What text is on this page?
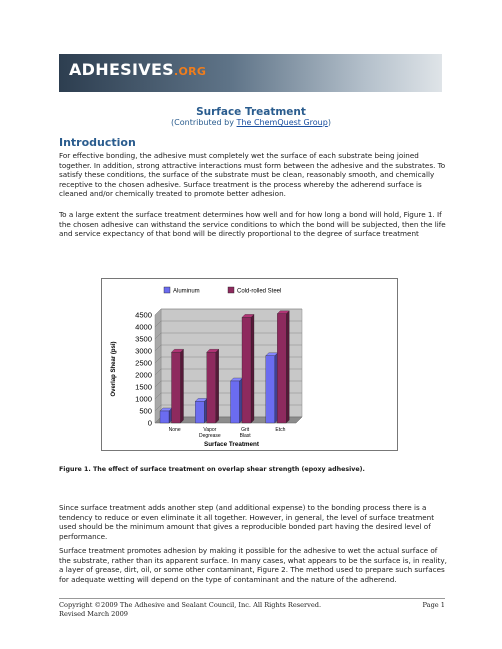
ADHESIVES.ORG
Surface Treatment
(Contributed by The ChemQuest Group)
Introduction
For effective bonding, the adhesive must completely wet the surface of each substrate being joined together. In addition, strong attractive interactions must form between the adhesive and the substrates. To satisfy these conditions, the surface of the substrate must be clean, reasonably smooth, and chemically receptive to the chosen adhesive. Surface treatment is the process whereby the adherend surface is cleaned and/or chemically treated to promote better adhesion.
To a large extent the surface treatment determines how well and for how long a bond will hold, Figure 1. If the chosen adhesive can withstand the service conditions to which the bond will be subjected, then the life and service expectancy of that bond will be directly proportional to the degree of surface treatment
Aluminum	Cold-rolled Steel
0
500
1000
1500
2000
2500
3000
3500
4000
4500
None	Vapor Degrease
Grit Blast
Etch
Surface Treatment
Overlap Shear (psi)
Figure 1. The effect of surface treatment on overlap shear strength (epoxy adhesive).
Since surface treatment adds another step (and additional expense) to the bonding process there is a tendency to reduce or even eliminate it all together. However, in general, the level of surface treatment used should be the minimum amount that gives a reproducible bonded part having the desired level of performance.
Surface treatment promotes adhesion by making it possible for the adhesive to wet the actual surface of the substrate, rather than its apparent surface. In many cases, what appears to be the surface is, in reality, a layer of grease, dirt, oil, or some other contaminant, Figure 2. The method used to prepare such surfaces for adequate wetting will depend on the type of contaminant and the nature of the adherend.
Copyright ©2009 The Adhesive and Sealant Council, Inc. All Rights Reserved.
Revised March 2009
Page 1
